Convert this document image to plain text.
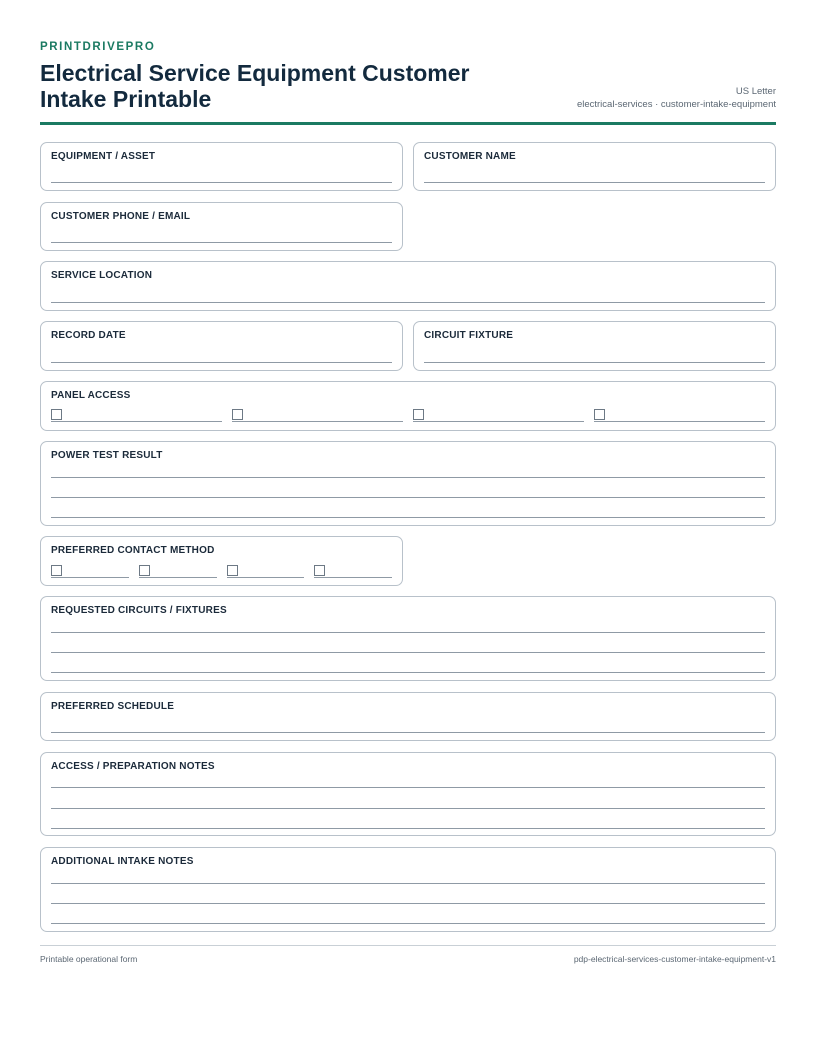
PRINTDRIVEPRO
Electrical Service Equipment Customer Intake Printable	US Letter
electrical-services · customer-intake-equipment
EQUIPMENT / ASSET	CUSTOMER NAME
CUSTOMER PHONE / EMAIL
SERVICE LOCATION
RECORD DATE	CIRCUIT FIXTURE
PANEL ACCESS
POWER TEST RESULT
PREFERRED CONTACT METHOD
REQUESTED CIRCUITS / FIXTURES
PREFERRED SCHEDULE
ACCESS / PREPARATION NOTES
ADDITIONAL INTAKE NOTES
Printable operational form	pdp-electrical-services-customer-intake-equipment-v1
